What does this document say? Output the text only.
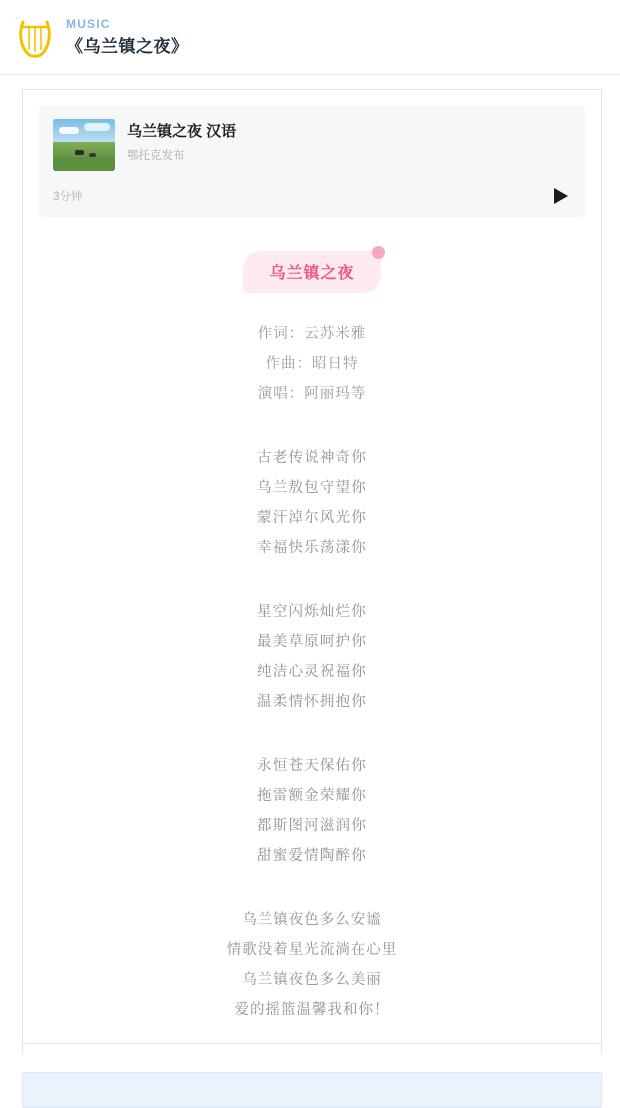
MUSIC
《乌兰镇之夜》
乌兰镇之夜 汉语
鄂托克发布
3分钟
乌兰镇之夜
作词：云苏米雅
作曲：昭日特
演唱：阿丽玛等
古老传说神奇你
乌兰敖包守望你
蒙汗淖尔风光你
幸福快乐荡漾你
星空闪烁灿烂你
最美草原呵护你
纯洁心灵祝福你
温柔情怀拥抱你
永恒苍天保佑你
拖雷额金荣耀你
都斯图河滋润你
甜蜜爱情陶醉你
乌兰镇夜色多么安谧
情歌没着星光流淌在心里
乌兰镇夜色多么美丽
爱的摇篮温馨我和你！
